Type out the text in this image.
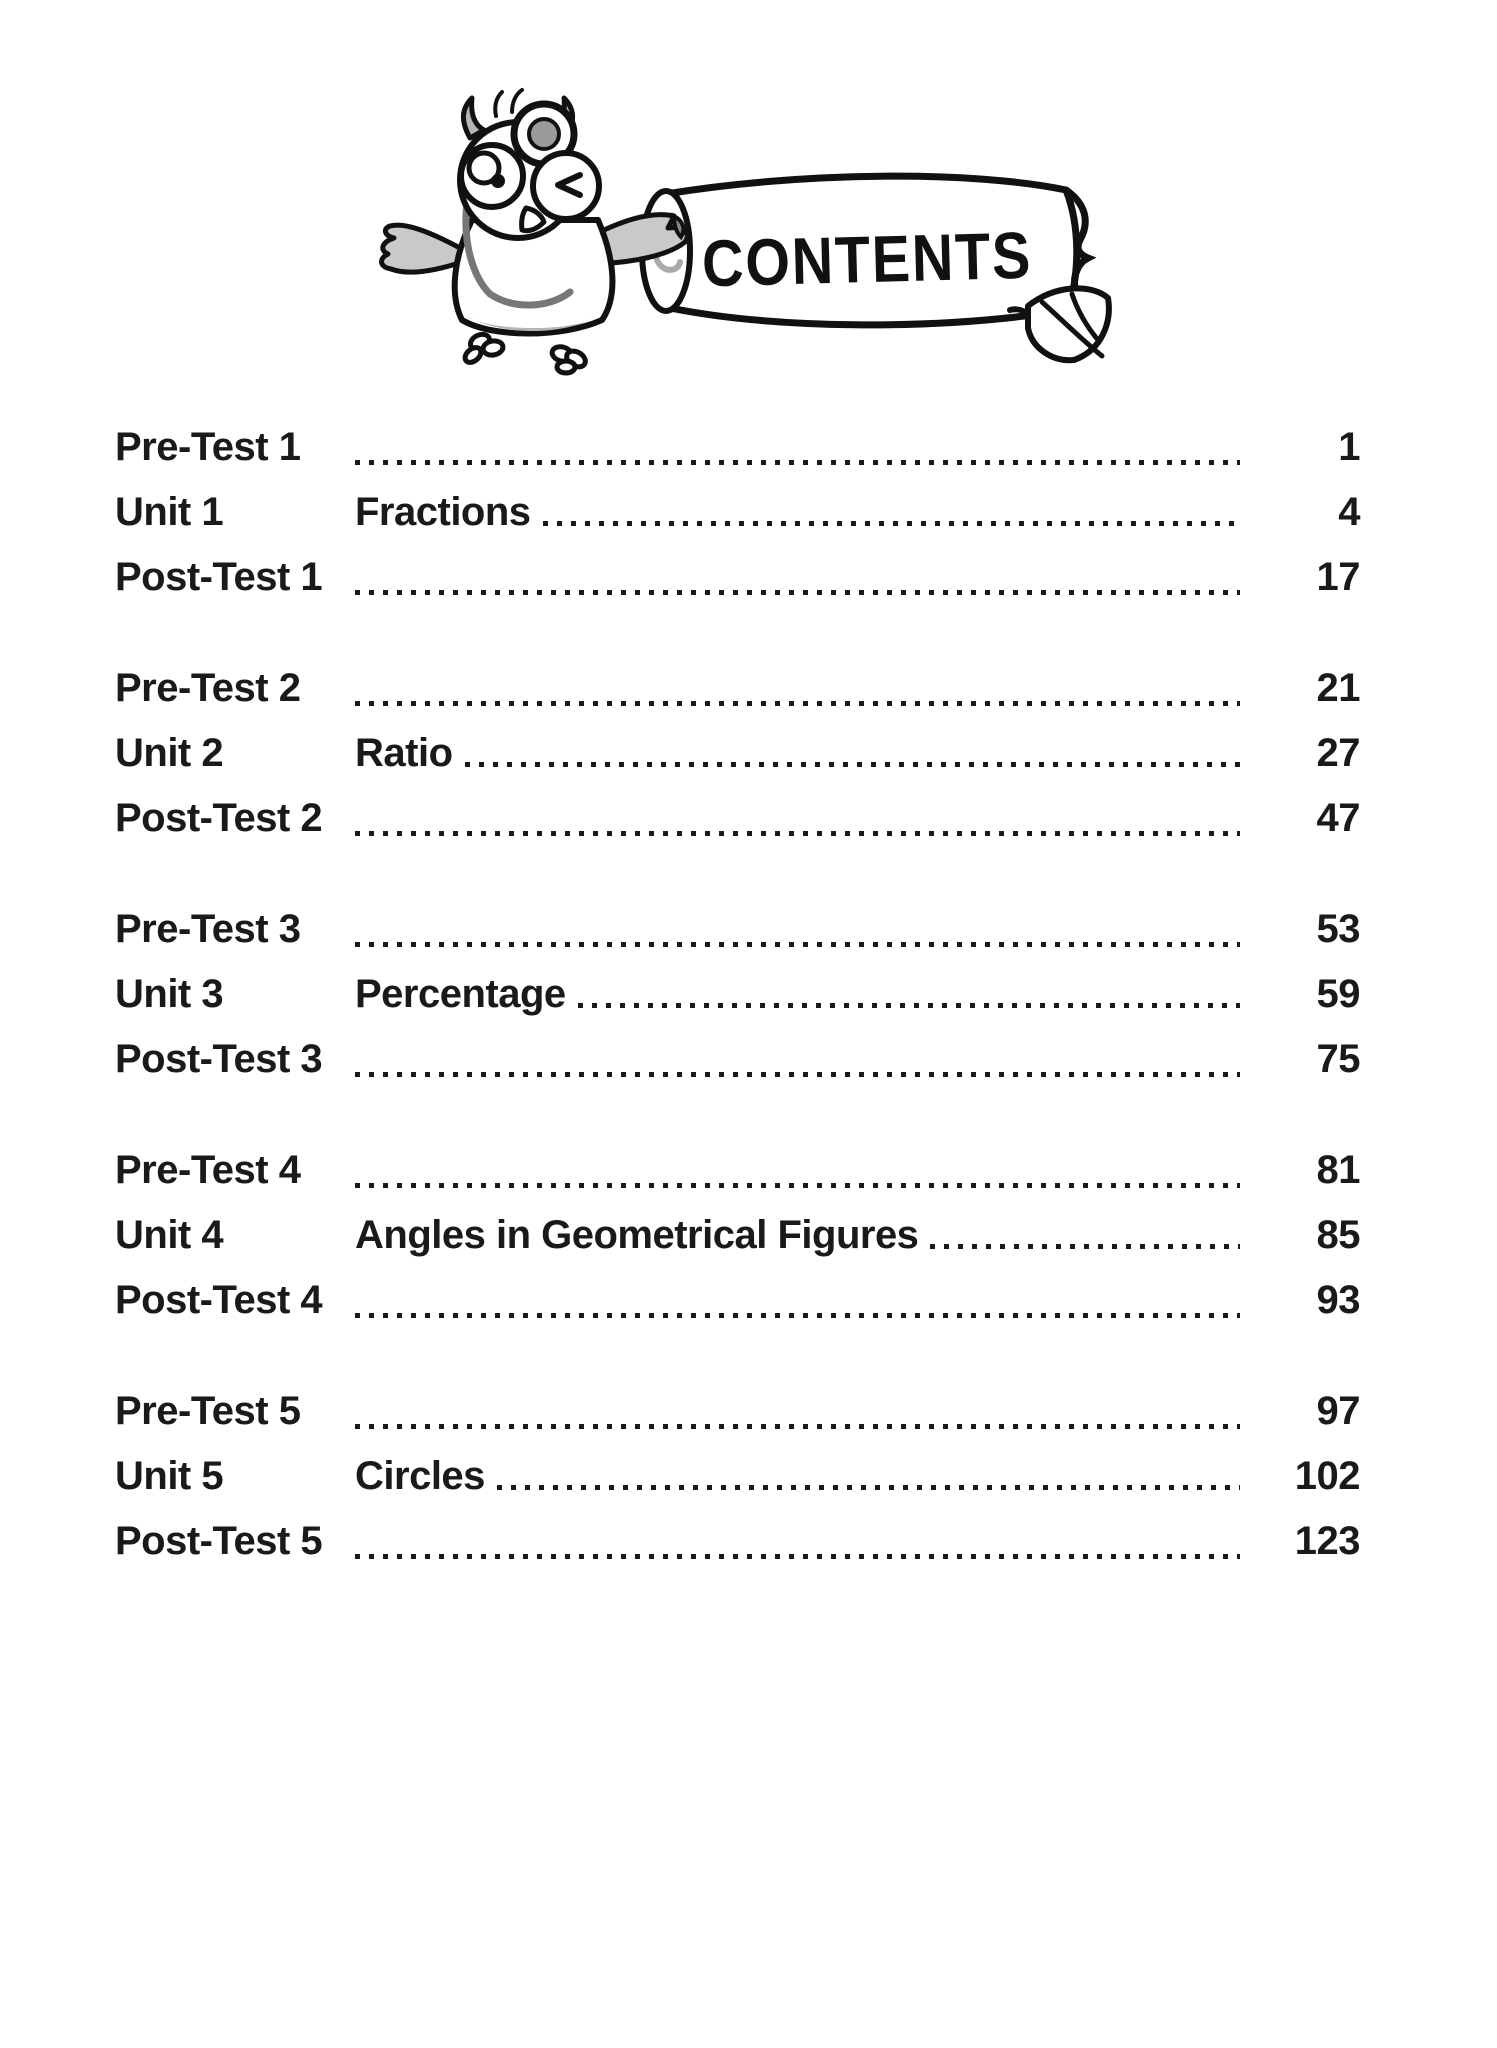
CONTENTS
Pre-Test 1	1
Unit 1	Fractions	4
Post-Test 1	17
Pre-Test 2	21
Unit 2	Ratio	27
Post-Test 2	47
Pre-Test 3	53
Unit 3	Percentage	59
Post-Test 3	75
Pre-Test 4	81
Unit 4	Angles in Geometrical Figures	85
Post-Test 4	93
Pre-Test 5	97
Unit 5	Circles	102
Post-Test 5	123
